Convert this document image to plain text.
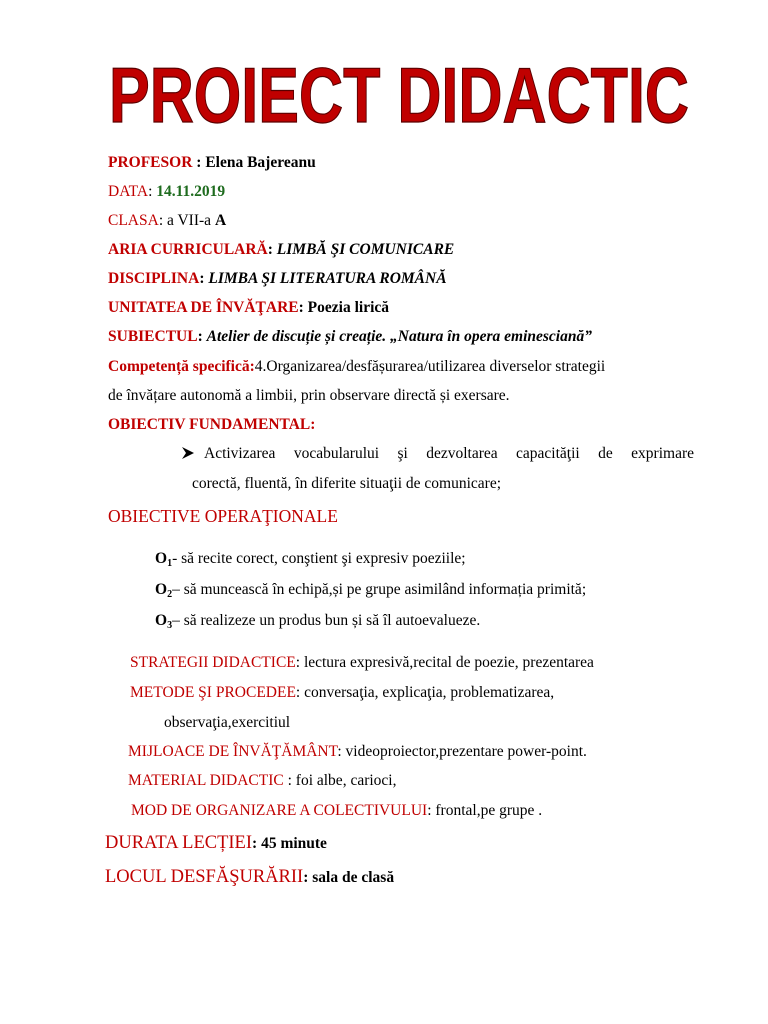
PROIECT DIDACTIC
PROFESOR : Elena Bajereanu
DATA: 14.11.2019
CLASA: a VII-a A
ARIA CURRICULARĂ: LIMBĂ ŞI COMUNICARE
DISCIPLINA: LIMBA ŞI LITERATURA ROMÂNĂ
UNITATEA DE ÎNVĂŢARE: Poezia lirică
SUBIECTUL: Atelier de discuție și creație. „Natura în opera eminesciană”
Competență specifică:4.Organizarea/desfășurarea/utilizarea diverselor strategii
de învățare autonomă a limbii, prin observare directă și exersare.
OBIECTIV FUNDAMENTAL:
Activizarea vocabularului şi dezvoltarea capacităţii de exprimare
corectă, fluentă, în diferite situaţii de comunicare;
OBIECTIVE OPERAŢIONALE
$O_1-$ să recite corect, conştient şi expresiv poeziile;
$O_2-$ să muncească în echipă,și pe grupe asimilând informația primită;
$O_3-$ să realizeze un produs bun și să îl autoevalueze.
STRATEGII DIDACTICE: lectura expresivă,recital de poezie, prezentarea
METODE ŞI PROCEDEE: conversaţia, explicaţia, problematizarea,
observaţia,exercitiul
MIJLOACE DE ÎNVĂŢĂMÂNT: videoproiector,prezentare power-point.
MATERIAL DIDACTIC : foi albe, carioci,
MOD DE ORGANIZARE A COLECTIVULUI: frontal,pe grupe .
DURATA LECȚIEI: 45 minute
LOCUL DESFĂŞURĂRII: sala de clasă
